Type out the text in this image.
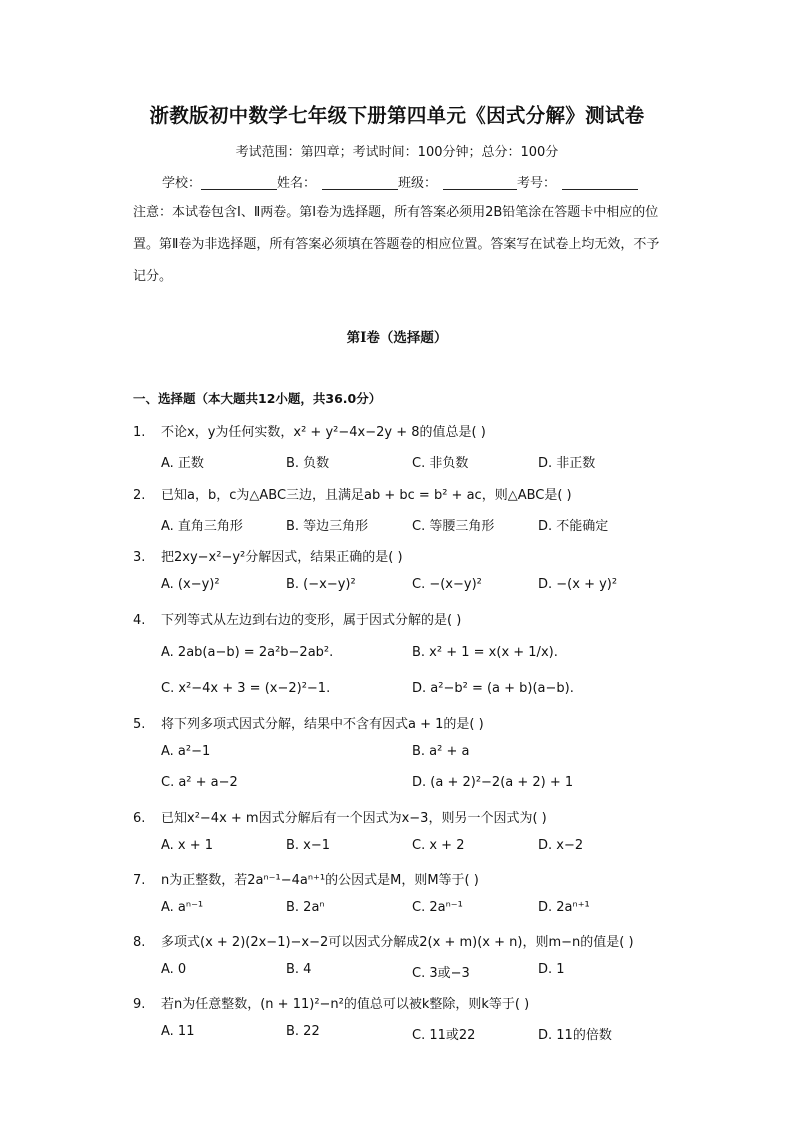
浙教版初中数学七年级下册第四单元《因式分解》测试卷
考试范围：第四章；考试时间：100分钟；总分：100分
学校：	姓名：	班级：	考号：
注意：本试卷包含Ⅰ、Ⅱ两卷。第Ⅰ卷为选择题，所有答案必须用2B铅笔涂在答题卡中相应的位置。第Ⅱ卷为非选择题，所有答案必须填在答题卷的相应位置。答案写在试卷上均无效，不予记分。
第Ⅰ卷（选择题）
一、选择题（本大题共12小题，共36.0分）
1. 不论x，y为任何实数，x² + y²−4x−2y + 8的值总是( )
A. 正数	B. 负数	C. 非负数	D. 非正数
2. 已知a，b，c为△ABC三边，且满足ab + bc = b² + ac，则△ABC是( )
A. 直角三角形	B. 等边三角形	C. 等腰三角形	D. 不能确定
3. 把2xy−x²−y²分解因式，结果正确的是( )
A. (x−y)²	B. (−x−y)²	C. −(x−y)²	D. −(x + y)²
4. 下列等式从左边到右边的变形，属于因式分解的是( )
A. 2ab(a−b) = 2a²b−2ab².	B. x² + 1 = x(x + 1/x).
C. x²−4x + 3 = (x−2)²−1.	D. a²−b² = (a + b)(a−b).
5. 将下列多项式因式分解，结果中不含有因式a + 1的是( )
A. a²−1	B. a² + a
C. a² + a−2	D. (a + 2)²−2(a + 2) + 1
6. 已知x²−4x + m因式分解后有一个因式为x−3，则另一个因式为( )
A. x + 1	B. x−1	C. x + 2	D. x−2
7. n为正整数，若2aⁿ⁻¹−4aⁿ⁺¹的公因式是M，则M等于( )
A. aⁿ⁻¹	B. 2aⁿ	C. 2aⁿ⁻¹	D. 2aⁿ⁺¹
8. 多项式(x + 2)(2x−1)−x−2可以因式分解成2(x + m)(x + n)，则m−n的值是( )
A. 0	B. 4	C. 3或−3	D. 1
9. 若n为任意整数，(n + 11)²−n²的值总可以被k整除，则k等于( )
A. 11	B. 22	C. 11或22	D. 11的倍数
